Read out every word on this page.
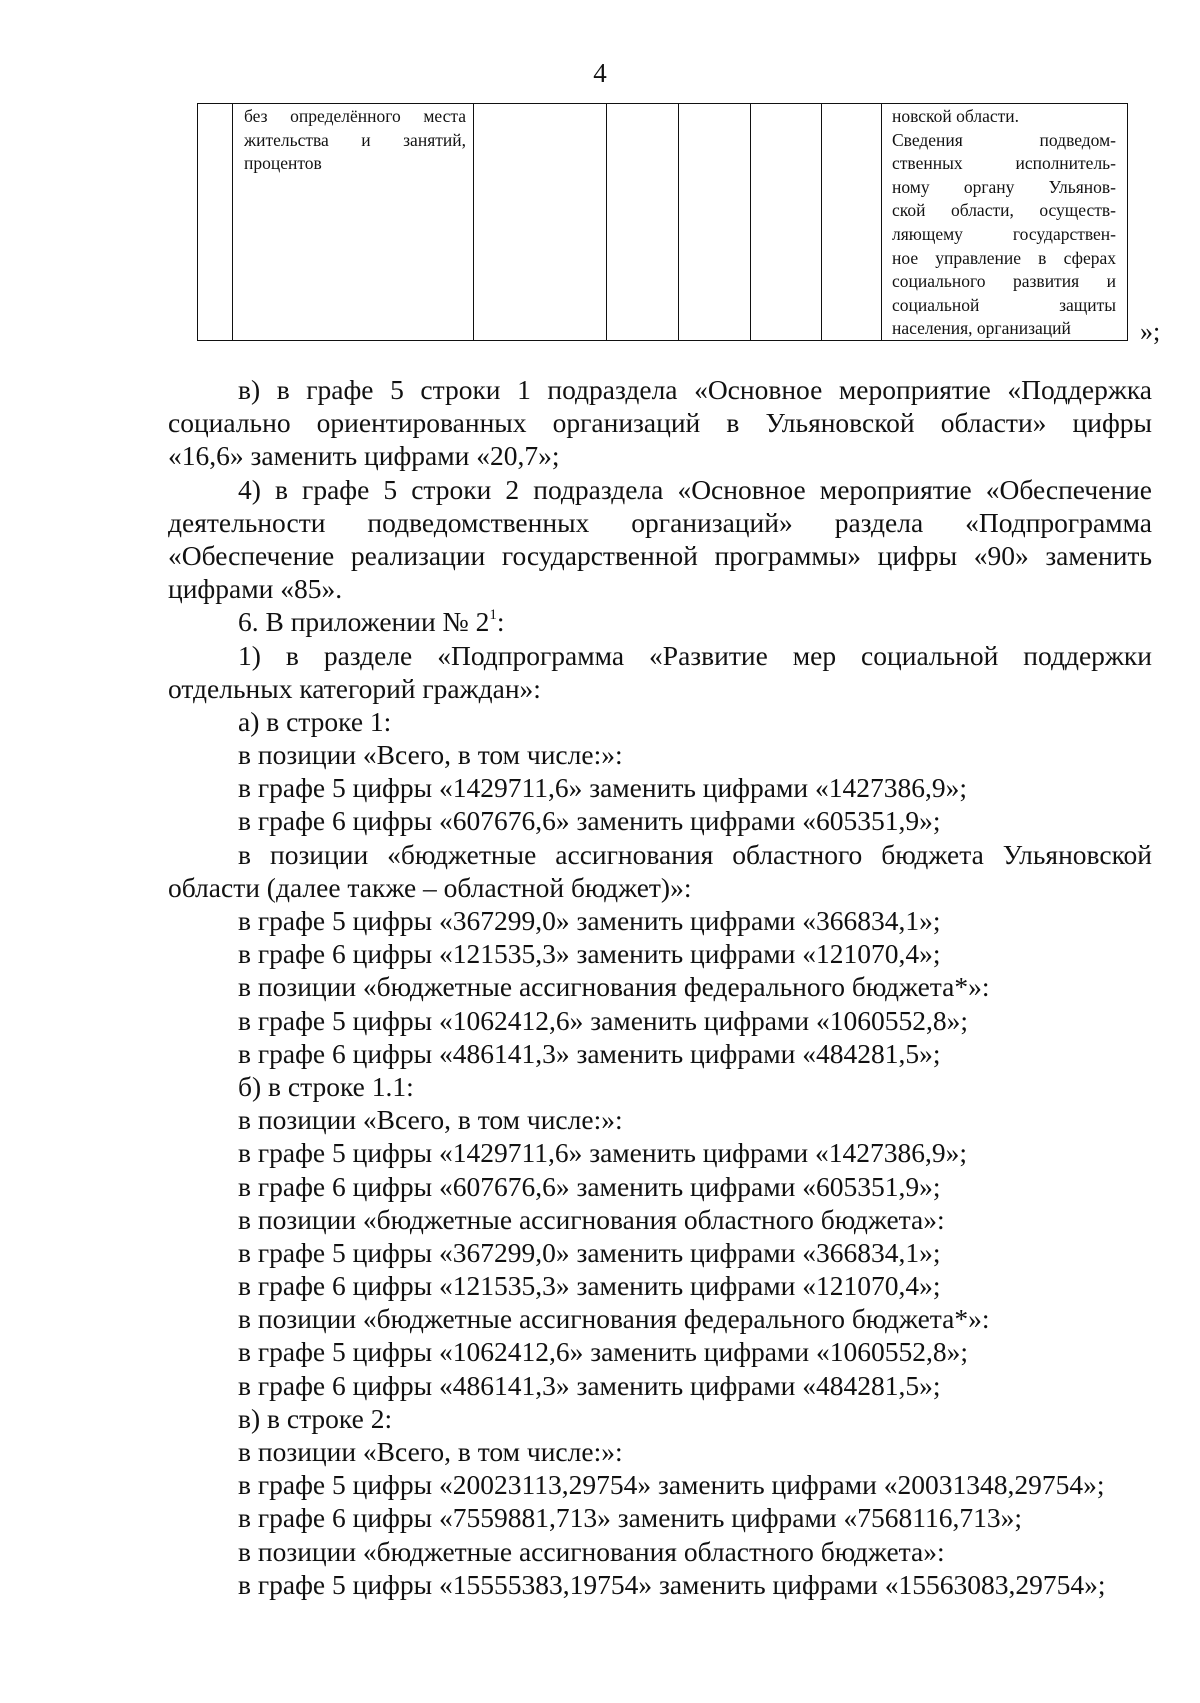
4
без определённого места
жительства и занятий,
процентов
новской области.
Сведения подведом-
ственных исполнитель-
ному органу Ульянов-
ской области, осуществ-
ляющему государствен-
ное управление в сферах
социального развития и
социальной защиты
населения, организаций	»;
в) в графе 5 строки 1 подраздела «Основное мероприятие «Поддержка
социально ориентированных организаций в Ульяновской области» цифры
«16,6» заменить цифрами «20,7»;
4) в графе 5 строки 2 подраздела «Основное мероприятие «Обеспечение
деятельности подведомственных организаций» раздела «Подпрограмма
«Обеспечение реализации государственной программы» цифры «90» заменить
цифрами «85».
6. В приложении № $2^1$:
1) в разделе «Подпрограмма «Развитие мер социальной поддержки
отдельных категорий граждан»:
а) в строке 1:
в позиции «Всего, в том числе:»:
в графе 5 цифры «1429711,6» заменить цифрами «1427386,9»;
в графе 6 цифры «607676,6» заменить цифрами «605351,9»;
в позиции «бюджетные ассигнования областного бюджета Ульяновской
области (далее также – областной бюджет)»:
в графе 5 цифры «367299,0» заменить цифрами «366834,1»;
в графе 6 цифры «121535,3» заменить цифрами «121070,4»;
в позиции «бюджетные ассигнования федерального бюджета*»:
в графе 5 цифры «1062412,6» заменить цифрами «1060552,8»;
в графе 6 цифры «486141,3» заменить цифрами «484281,5»;
б) в строке 1.1:
в позиции «Всего, в том числе:»:
в графе 5 цифры «1429711,6» заменить цифрами «1427386,9»;
в графе 6 цифры «607676,6» заменить цифрами «605351,9»;
в позиции «бюджетные ассигнования областного бюджета»:
в графе 5 цифры «367299,0» заменить цифрами «366834,1»;
в графе 6 цифры «121535,3» заменить цифрами «121070,4»;
в позиции «бюджетные ассигнования федерального бюджета*»:
в графе 5 цифры «1062412,6» заменить цифрами «1060552,8»;
в графе 6 цифры «486141,3» заменить цифрами «484281,5»;
в) в строке 2:
в позиции «Всего, в том числе:»:
в графе 5 цифры «20023113,29754» заменить цифрами «20031348,29754»;
в графе 6 цифры «7559881,713» заменить цифрами «7568116,713»;
в позиции «бюджетные ассигнования областного бюджета»:
в графе 5 цифры «15555383,19754» заменить цифрами «15563083,29754»;
